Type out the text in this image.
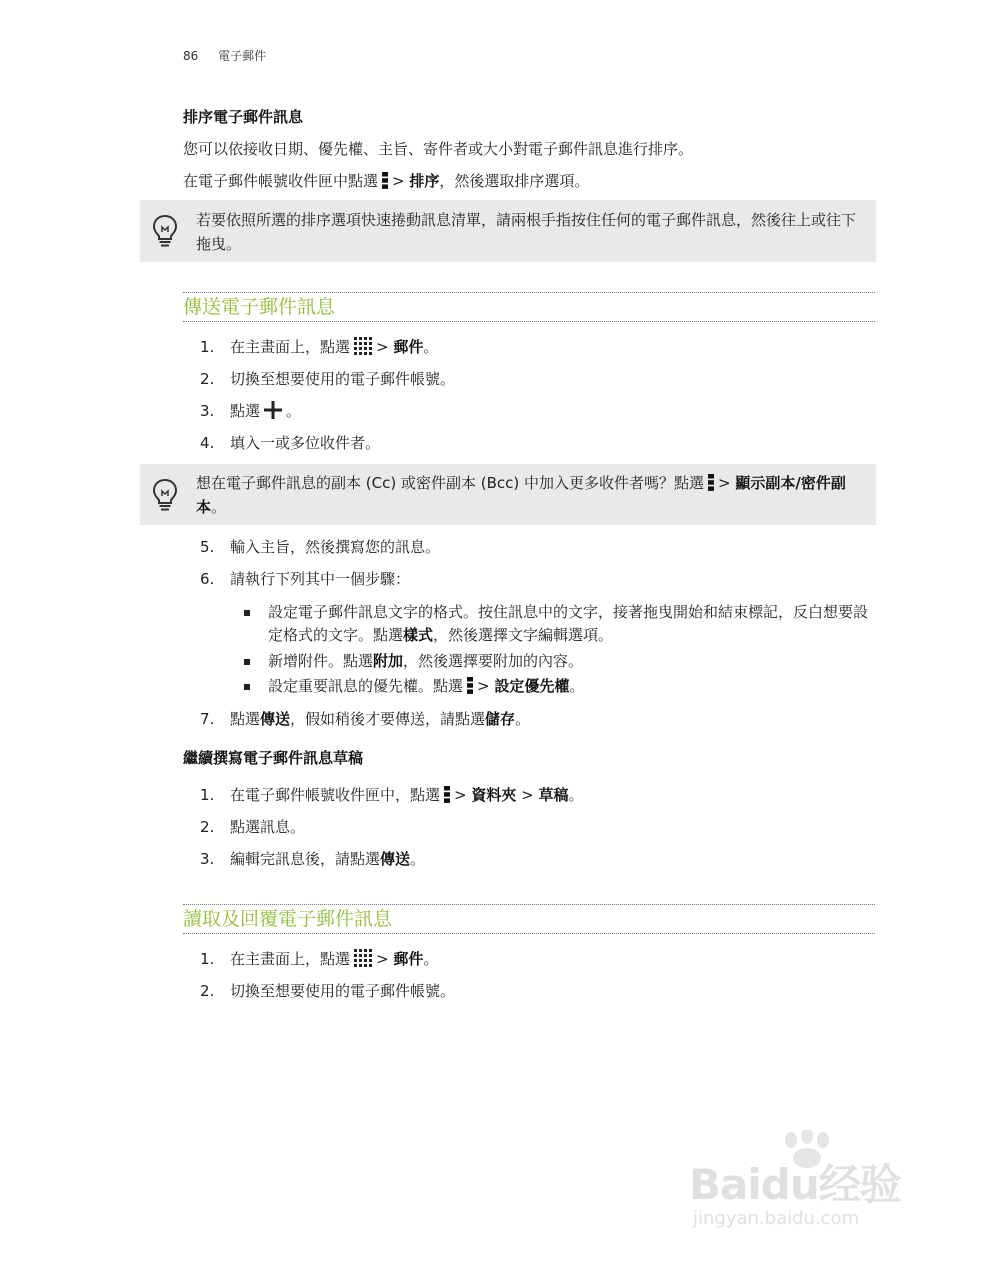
86 電子郵件
排序電子郵件訊息
您可以依接收日期、優先權、主旨、寄件者或大小對電子郵件訊息進行排序。
在電子郵件帳號收件匣中點選 > 排序，然後選取排序選項。
若要依照所選的排序選項快速捲動訊息清單，請兩根手指按住任何的電子郵件訊息，然後往上或往下拖曳。
傳送電子郵件訊息
1. 在主畫面上，點選 > 郵件。
2. 切換至想要使用的電子郵件帳號。
3. 點選 。
4. 填入一或多位收件者。
想在電子郵件訊息的副本 (Cc) 或密件副本 (Bcc) 中加入更多收件者嗎？點選 > 顯示副本/密件副本。
5. 輸入主旨，然後撰寫您的訊息。
6. 請執行下列其中一個步驟：
設定電子郵件訊息文字的格式。按住訊息中的文字，接著拖曳開始和結束標記，反白想要設定格式的文字。點選樣式，然後選擇文字編輯選項。
新增附件。點選附加，然後選擇要附加的內容。
設定重要訊息的優先權。點選 > 設定優先權。
7. 點選傳送，假如稍後才要傳送，請點選儲存。
繼續撰寫電子郵件訊息草稿
1. 在電子郵件帳號收件匣中，點選 > 資料夾 > 草稿。
2. 點選訊息。
3. 編輯完訊息後，請點選傳送。
讀取及回覆電子郵件訊息
1. 在主畫面上，點選 > 郵件。
2. 切換至想要使用的電子郵件帳號。
Baidu经验
jingyan.baidu.com
